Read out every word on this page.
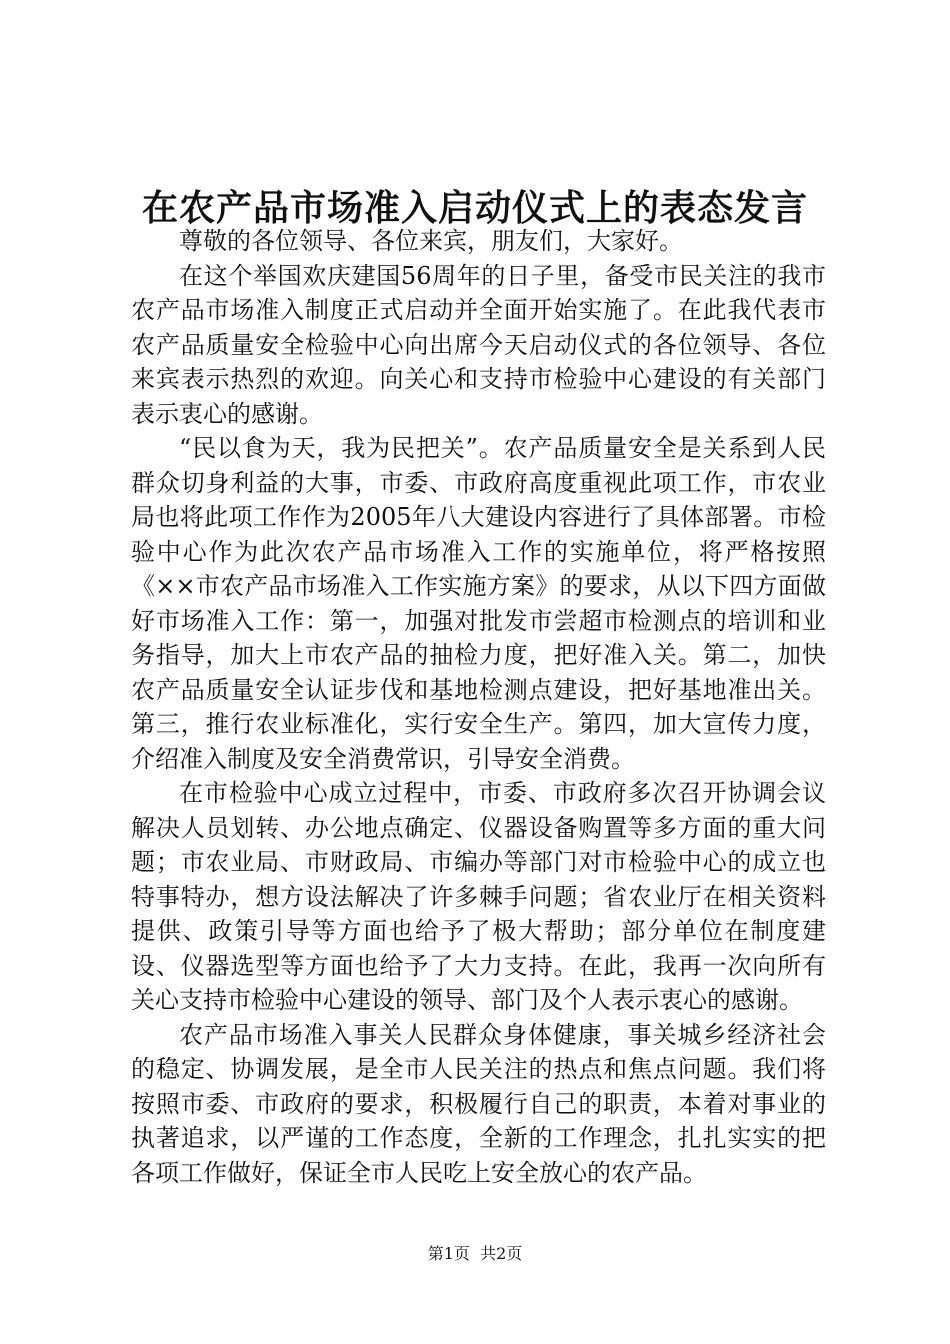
在农产品市场准入启动仪式上的表态发言

尊敬的各位领导、各位来宾，朋友们，大家好。

在这个举国欢庆建国56周年的日子里，备受市民关注的我市农产品市场准入制度正式启动并全面开始实施了。在此我代表市农产品质量安全检验中心向出席今天启动仪式的各位领导、各位来宾表示热烈的欢迎。向关心和支持市检验中心建设的有关部门表示衷心的感谢。

“民以食为天，我为民把关”。农产品质量安全是关系到人民群众切身利益的大事，市委、市政府高度重视此项工作，市农业局也将此项工作作为2005年八大建设内容进行了具体部署。市检验中心作为此次农产品市场准入工作的实施单位，将严格按照《××市农产品市场准入工作实施方案》的要求，从以下四方面做好市场准入工作：第一，加强对批发市尝超市检测点的培训和业务指导，加大上市农产品的抽检力度，把好准入关。第二，加快农产品质量安全认证步伐和基地检测点建设，把好基地准出关。第三，推行农业标准化，实行安全生产。第四，加大宣传力度，介绍准入制度及安全消费常识，引导安全消费。

在市检验中心成立过程中，市委、市政府多次召开协调会议解决人员划转、办公地点确定、仪器设备购置等多方面的重大问题；市农业局、市财政局、市编办等部门对市检验中心的成立也特事特办，想方设法解决了许多棘手问题；省农业厅在相关资料提供、政策引导等方面也给予了极大帮助；部分单位在制度建设、仪器选型等方面也给予了大力支持。在此，我再一次向所有关心支持市检验中心建设的领导、部门及个人表示衷心的感谢。

农产品市场准入事关人民群众身体健康，事关城乡经济社会的稳定、协调发展，是全市人民关注的热点和焦点问题。我们将按照市委、市政府的要求，积极履行自己的职责，本着对事业的执著追求，以严谨的工作态度，全新的工作理念，扎扎实实的把各项工作做好，保证全市人民吃上安全放心的农产品。

第1页  共2页
